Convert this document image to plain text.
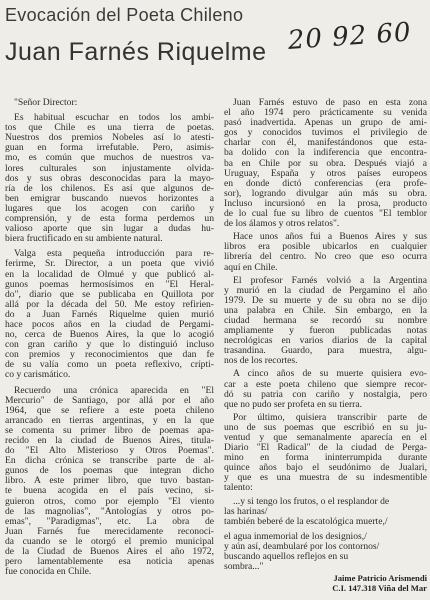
Evocación del Poeta Chileno
Juan Farnés Riquelme 20 92 60
"Señor Director:
Es habitual escuchar en todos los ambi-
tos que Chile es una tierra de poetas.
Nuestros dos premios Nobeles así lo atesti-
guan en forma irrefutable. Pero, asimis-
mo, es común que muchos de nuestros va-
lores culturales son injustamente olvida-
dos y sus obras desconocidas para la mayo-
ría de los chilenos. Es así que algunos de-
ben emigrar buscando nuevos horizontes a
lugares que los acogen con cariño y
comprensión, y de esta forma perdemos un
valioso aporte que sin lugar a dudas hu-
biera fructificado en su ambiente natural.
Valga esta pequeña introducción para re-
ferirme, Sr. Director, a un poeta que vivió
en la localidad de Olmué y que publicó al-
gunos poemas hermosísimos en "El Heral-
do", diario que se publicaba en Quillota por
allá por la década del 50. Me estoy refirien-
do a Juan Farnés Riquelme quien murió
hace pocos años en la ciudad de Pergami-
no, cerca de Buenos Aires, la que lo acogió
con gran cariño y que lo distinguió incluso
con premios y reconocimientos que dan fe
de su valía como un poeta reflexivo, crípti-
co y carismático.
Recuerdo una crónica aparecida en "El
Mercurio" de Santiago, por allá por el año
1964, que se refiere a este poeta chileno
arrancado en tierras argentinas, y en la que
se comenta su primer libro de poemas apa-
recido en la ciudad de Buenos Aires, titula-
do "El Alto Misterioso y Otros Poemas".
En dicha crónica se transcribe parte de al-
gunos de los poemas que integran dicho
libro. A este primer libro, que tuvo bastan-
te buena acogida en el país vecino, si-
guieron otros, como por ejemplo "El viento
de las magnolias", "Antologías y otros po-
emas", "Paradigmas", etc. La obra de
Juan Farnés fue merecidamente reconoci-
da cuando se le otorgó el premio municipal
de la Ciudad de Buenos Aires el año 1972,
pero lamentablemente esa noticia apenas
fue conocida en Chile.
Juan Farnés estuvo de paso en esta zona
el año 1974 pero prácticamente su venida
pasó inadvertida. Apenas un grupo de ami-
gos y conocidos tuvimos el privilegio de
charlar con él, manifestándonos que esta-
ba dolido con la indiferencia que encontra-
ba en Chile por su obra. Después viajó a
Uruguay, España y otros países europeos
en donde dictó conferencias (era profe-
sor), logrando divulgar aún más su obra.
Incluso incursionó en la prosa, producto
de lo cual fue su libro de cuentos "El temblor
de los álamos y otros relatos".
Hace unos años fui a Buenos Aires y sus
libros era posible ubicarlos en cualquier
librería del centro. No creo que eso ocurra
aquí en Chile.
El profesor Farnés volvió a la Argentina
y murió en la ciudad de Pergamino el año
1979. De su muerte y de su obra no se dijo
una palabra en Chile. Sin embargo, en la
ciudad hermana se recordó su nombre
ampliamente y fueron publicadas notas
necrológicas en varios diarios de la capital
trasandina. Guardo, para muestra, algu-
nos de los recortes.
A cinco años de su muerte quisiera evo-
car a este poeta chileno que siempre recor-
dó su patria con cariño y nostalgia, pero
que no pudo ser profeta en su tierra.
Por último, quisiera transcribir parte de
uno de sus poemas que escribió en su ju-
ventud y que semanalmente aparecía en el
Diario "El Radical" de la ciudad de Perga-
mino en forma ininterrumpida durante
quince años bajo el seudónimo de Jualari,
y que es una muestra de su indesmentible
talento:
...y si tengo los frutos, o el resplandor de
las harinas/
también beberé de la escatológica muerte,/
el agua inmemorial de los designios,/
y aún así, deambularé por los contornos/
buscando aquellos reflejos en su
sombra..."
Jaime Patricio Arismendi
C.I. 147.318 Viña del Mar
